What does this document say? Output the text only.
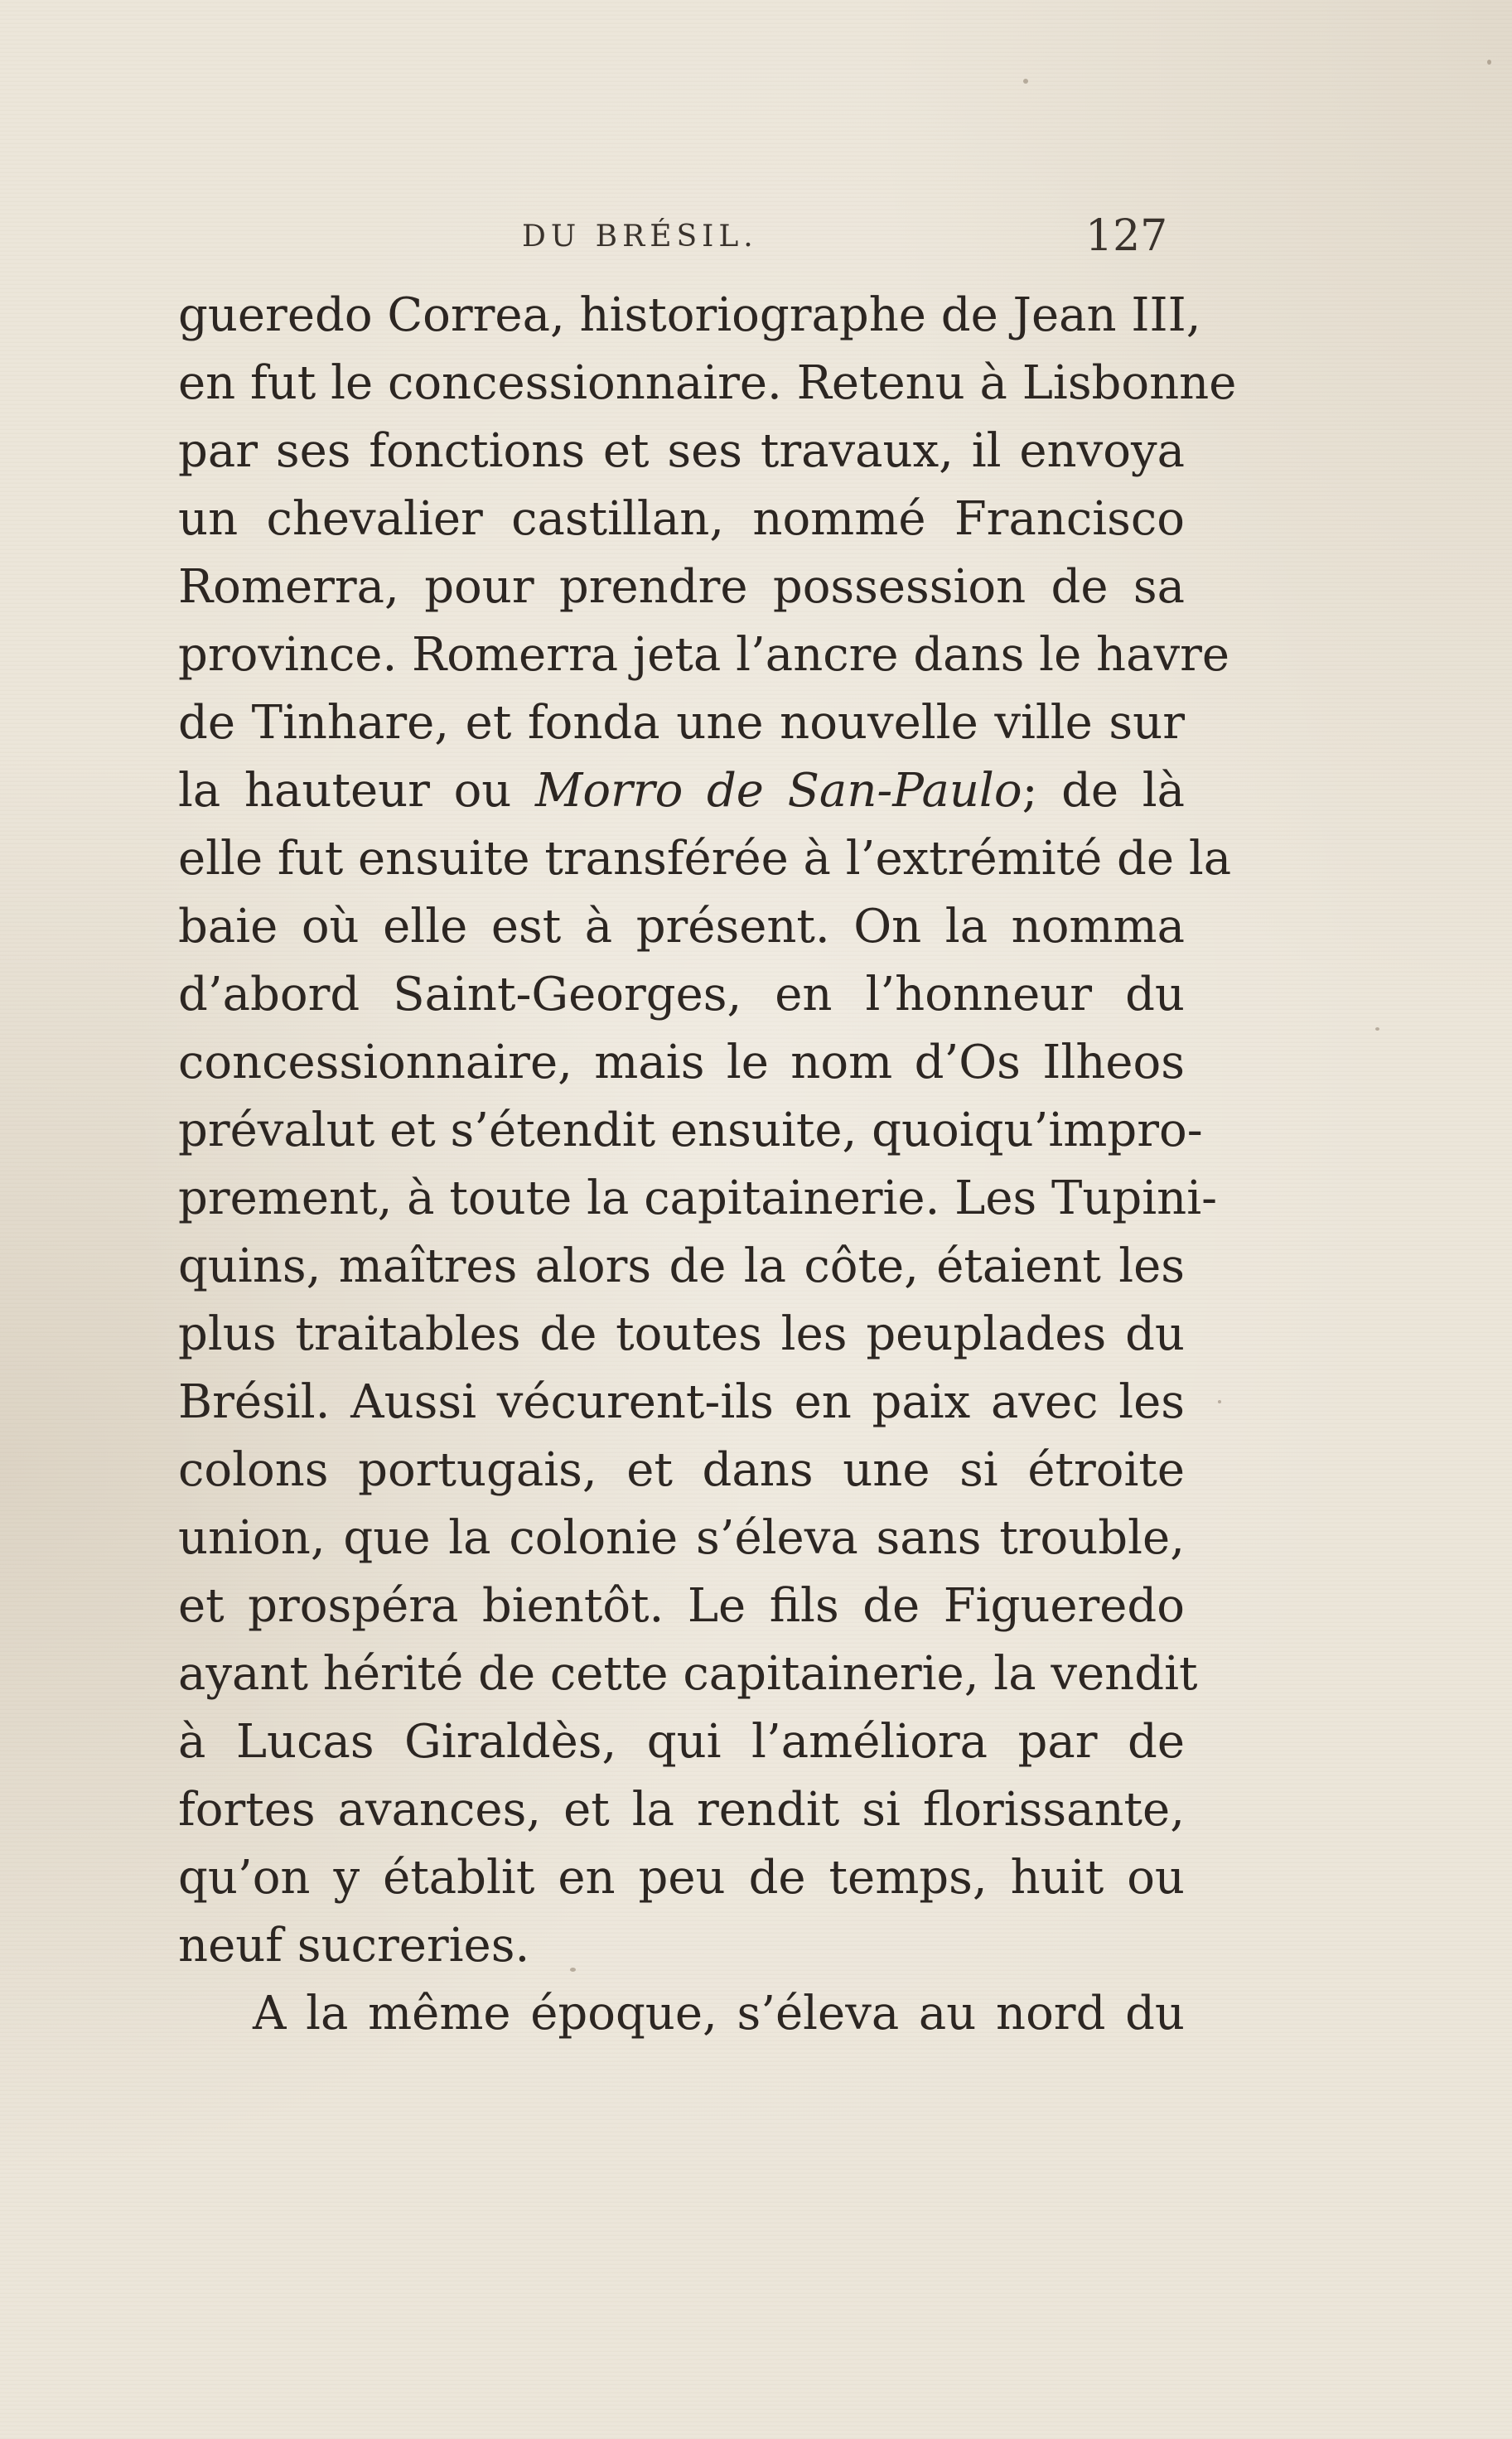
DU BRÉSIL.	127
gueredo Correa, historiographe de Jean III,
en fut le concessionnaire. Retenu à Lisbonne
par ses fonctions et ses travaux, il envoya
un chevalier castillan, nommé Francisco
Romerra, pour prendre possession de sa
province. Romerra jeta l’ancre dans le havre
de Tinhare, et fonda une nouvelle ville sur
la hauteur ou Morro de San-Paulo; de là
elle fut ensuite transférée à l’extrémité de la
baie où elle est à présent. On la nomma
d’abord Saint-Georges, en l’honneur du
concessionnaire, mais le nom d’Os Ilheos
prévalut et s’étendit ensuite, quoiqu’impro-
prement, à toute la capitainerie. Les Tupini-
quins, maîtres alors de la côte, étaient les
plus traitables de toutes les peuplades du
Brésil. Aussi vécurent-ils en paix avec les
colons portugais, et dans une si étroite
union, que la colonie s’éleva sans trouble,
et prospéra bientôt. Le fils de Figueredo
ayant hérité de cette capitainerie, la vendit
à Lucas Giraldès, qui l’améliora par de
fortes avances, et la rendit si florissante,
qu’on y établit en peu de temps, huit ou
neuf sucreries.
A la même époque, s’éleva au nord du
